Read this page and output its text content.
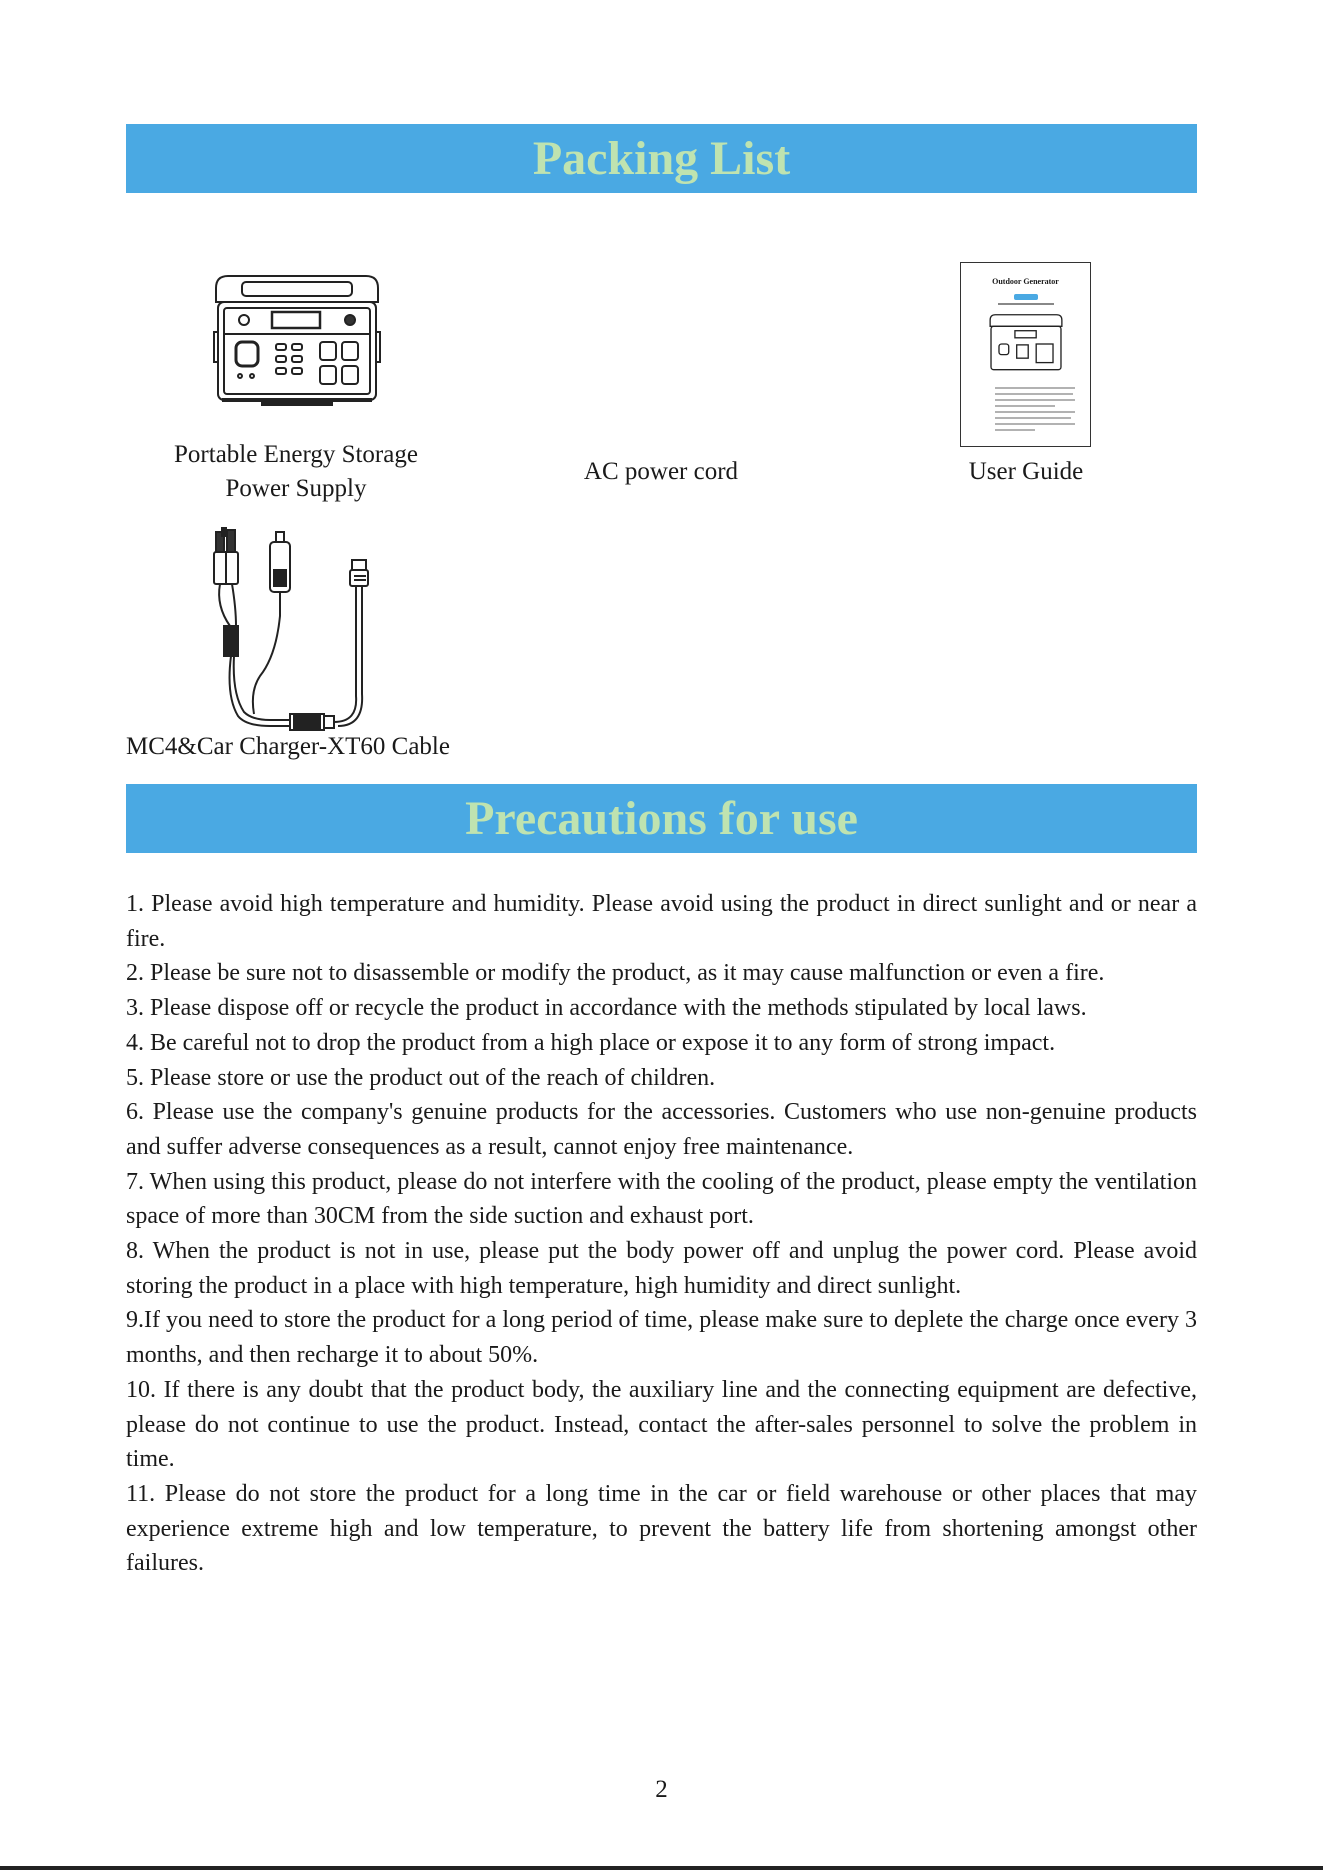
Packing List
Outdoor Generator
Portable Energy Storage
Power Supply
AC power cord	User Guide
MC4&Car Charger-XT60 Cable
Precautions for use

1. Please avoid high temperature and humidity. Please avoid using the product in direct sunlight and or near a fire.

2. Please be sure not to disassemble or modify the product, as it may cause malfunction or even a fire.

3. Please dispose off or recycle the product in accordance with the methods stipulated by local laws.

4. Be careful not to drop the product from a high place or expose it to any form of strong impact.

5. Please store or use the product out of the reach of children.

6. Please use the company's genuine products for the accessories. Customers who use non-genuine products and suffer adverse consequences as a result, cannot enjoy free maintenance.

7. When using this product, please do not interfere with the cooling of the product, please empty the ventilation space of more than 30CM from the side suction and exhaust port.

8. When the product is not in use, please put the body power off and unplug the power cord. Please avoid storing the product in a place with high temperature, high humidity and direct sunlight.

9.If you need to store the product for a long period of time, please make sure to deplete the charge once every 3 months, and then recharge it to about 50%.

10. If there is any doubt that the product body, the auxiliary line and the connecting equipment are defective, please do not continue to use the product. Instead, contact the after-sales personnel to solve the problem in time.

11. Please do not store the product for a long time in the car or field warehouse or other places that may experience extreme high and low temperature, to prevent the battery life from shortening amongst other failures.

2
